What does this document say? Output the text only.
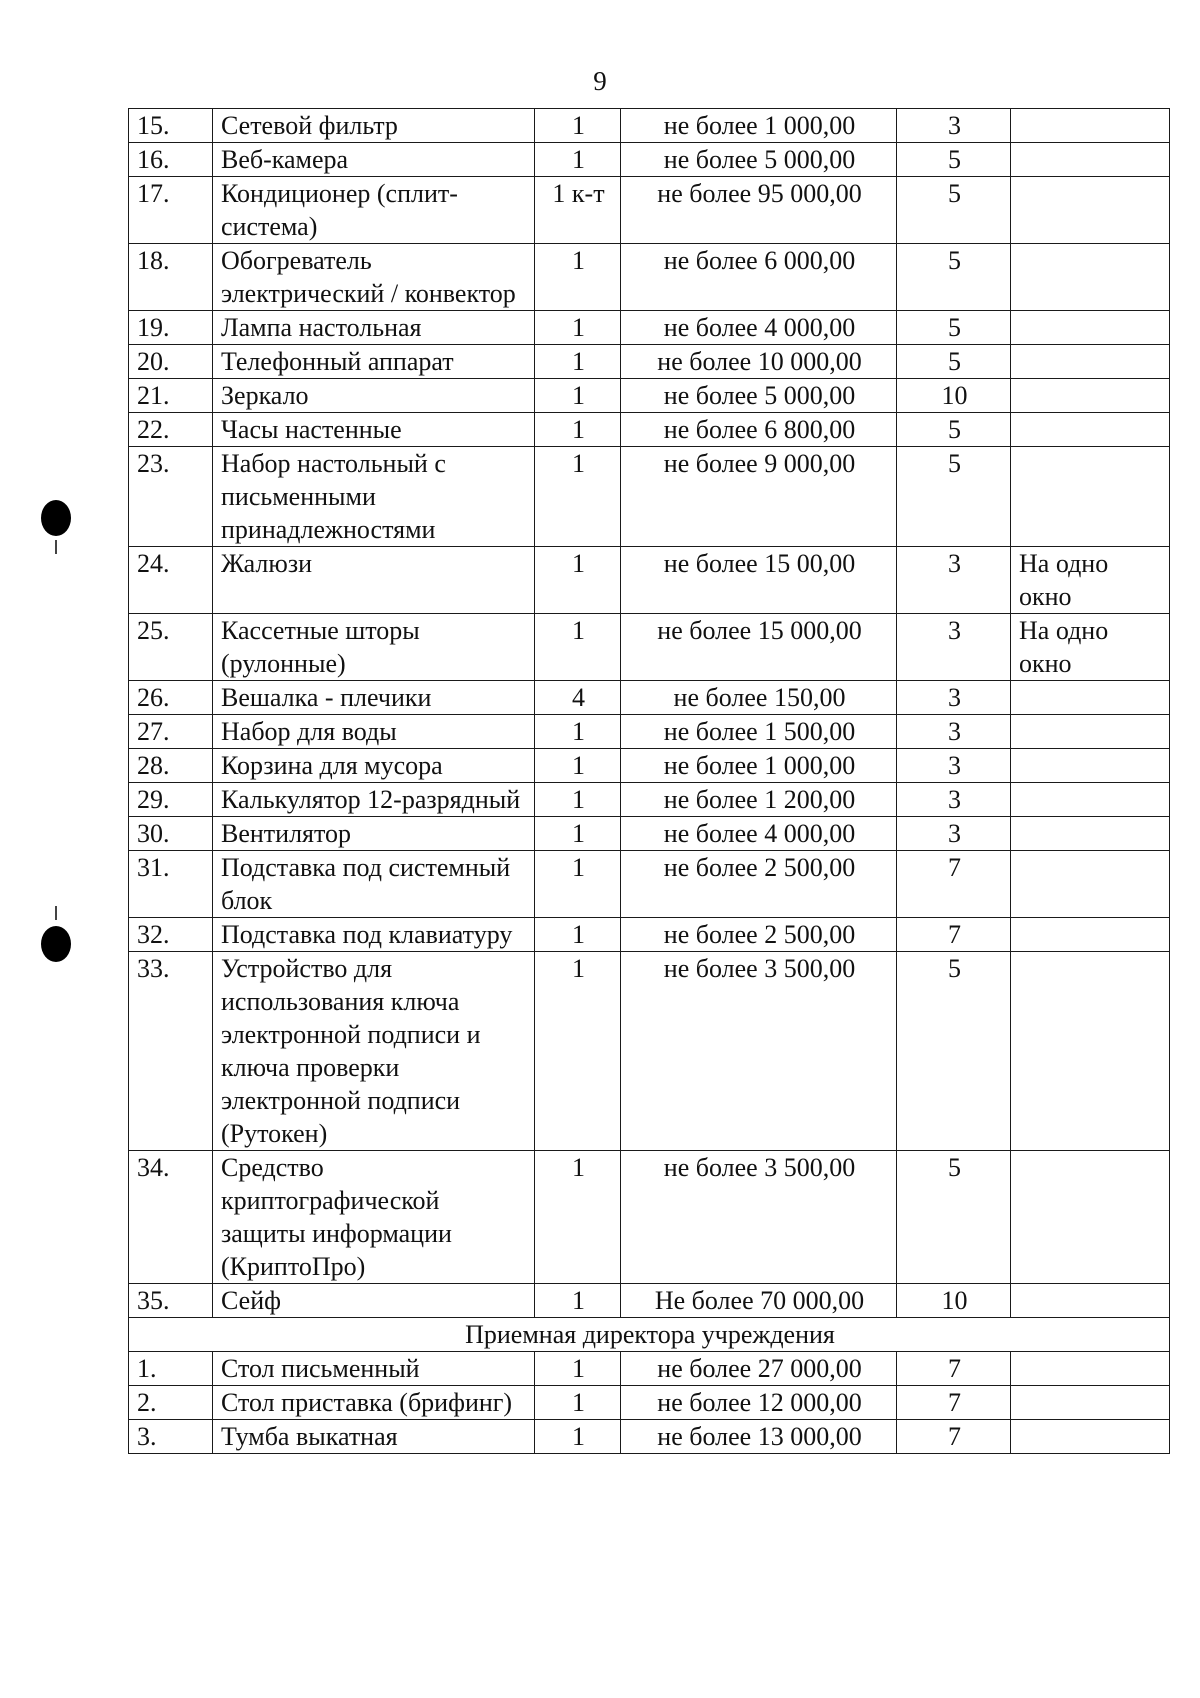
9
15.	Сетевой фильтр	1	не более 1 000,00	3	
16.	Веб-камера	1	не более 5 000,00	5	
17.	Кондиционер (сплит-система)	1 к-т	не более 95 000,00	5	
18.	Обогреватель электрический / конвектор	1	не более 6 000,00	5	
19.	Лампа настольная	1	не более 4 000,00	5	
20.	Телефонный аппарат	1	не более 10 000,00	5	
21.	Зеркало	1	не более 5 000,00	10	
22.	Часы настенные	1	не более 6 800,00	5	
23.	Набор настольный с письменными принадлежностями	1	не более 9 000,00	5	
24.	Жалюзи	1	не более 15 00,00	3	На одно окно
25.	Кассетные шторы (рулонные)	1	не более 15 000,00	3	На одно окно
26.	Вешалка - плечики	4	не более 150,00	3	
27.	Набор для воды	1	не более 1 500,00	3	
28.	Корзина для мусора	1	не более 1 000,00	3	
29.	Калькулятор 12-разрядный	1	не более 1 200,00	3	
30.	Вентилятор	1	не более 4 000,00	3	
31.	Подставка под системный блок	1	не более 2 500,00	7	
32.	Подставка под клавиатуру	1	не более 2 500,00	7	
33.	Устройство для использования ключа электронной подписи и ключа проверки электронной подписи (Рутокен)	1	не более 3 500,00	5	
34.	Средство криптографической защиты информации (КриптоПро)	1	не более 3 500,00	5	
35.	Сейф	1	Не более 70 000,00	10	
Приемная директора учреждения					
1.	Стол письменный	1	не более 27 000,00	7	
2.	Стол приставка (брифинг)	1	не более 12 000,00	7	
3.	Тумба выкатная	1	не более 13 000,00	7	
